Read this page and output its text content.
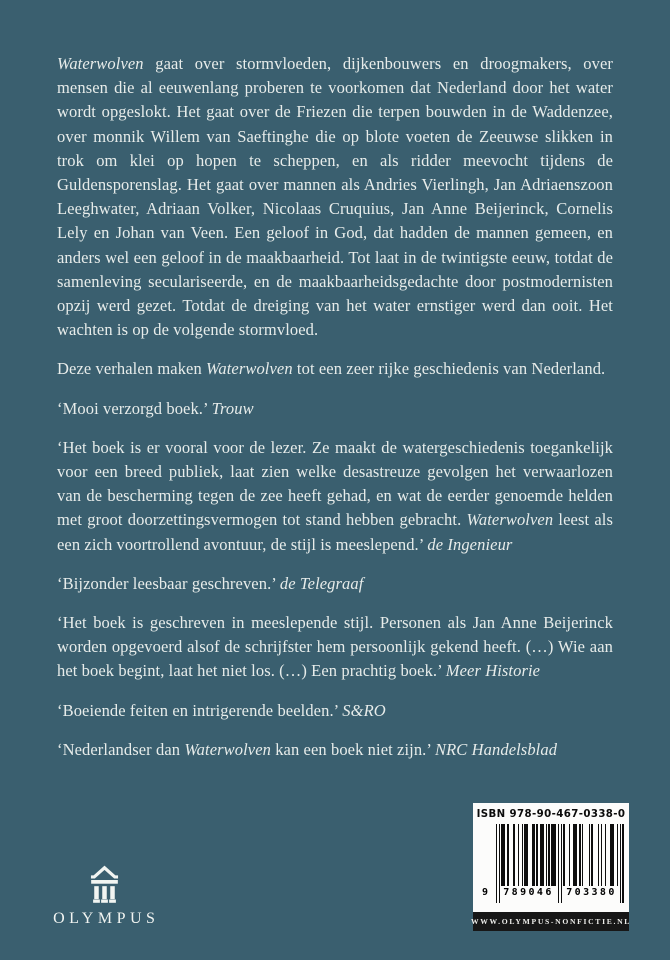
Waterwolven gaat over stormvloeden, dijkenbouwers en droogmakers, over mensen die al eeuwenlang proberen te voorkomen dat Nederland door het water wordt opgeslokt. Het gaat over de Friezen die terpen bouwden in de Waddenzee, over monnik Willem van Saeftinghe die op blote voeten de Zeeuwse slikken in trok om klei op hopen te scheppen, en als ridder meevocht tijdens de Guldensporenslag. Het gaat over mannen als Andries Vierlingh, Jan Adriaenszoon Leeghwater, Adriaan Volker, Nicolaas Cruquius, Jan Anne Beijerinck, Cornelis Lely en Johan van Veen. Een geloof in God, dat hadden de mannen gemeen, en anders wel een geloof in de maakbaarheid. Tot laat in de twintigste eeuw, totdat de samenleving seculariseerde, en de maakbaarheidsgedachte door postmodernisten opzij werd gezet. Totdat de dreiging van het water ernstiger werd dan ooit. Het wachten is op de volgende stormvloed.

Deze verhalen maken Waterwolven tot een zeer rijke geschiedenis van Nederland.

‘Mooi verzorgd boek.’ Trouw

‘Het boek is er vooral voor de lezer. Ze maakt de watergeschiedenis toegankelijk voor een breed publiek, laat zien welke desastreuze gevolgen het verwaarlozen van de bescherming tegen de zee heeft gehad, en wat de eerder genoemde helden met groot doorzettingsvermogen tot stand hebben gebracht. Waterwolven leest als een zich voortrollend avontuur, de stijl is meeslepend.’ de Ingenieur

‘Bijzonder leesbaar geschreven.’ de Telegraaf

‘Het boek is geschreven in meeslepende stijl. Personen als Jan Anne Beijerinck worden opgevoerd alsof de schrijfster hem persoonlijk gekend heeft. (…) Wie aan het boek begint, laat het niet los. (…) Een prachtig boek.’ Meer Historie

‘Boeiende feiten en intrigerende beelden.’ S&RO

‘Nederlandser dan Waterwolven kan een boek niet zijn.’ NRC Handelsblad

OLYMPUS
ISBN 978-90-467-0338-0
9 789046 703380
WWW.OLYMPUS-NONFICTIE.NL
